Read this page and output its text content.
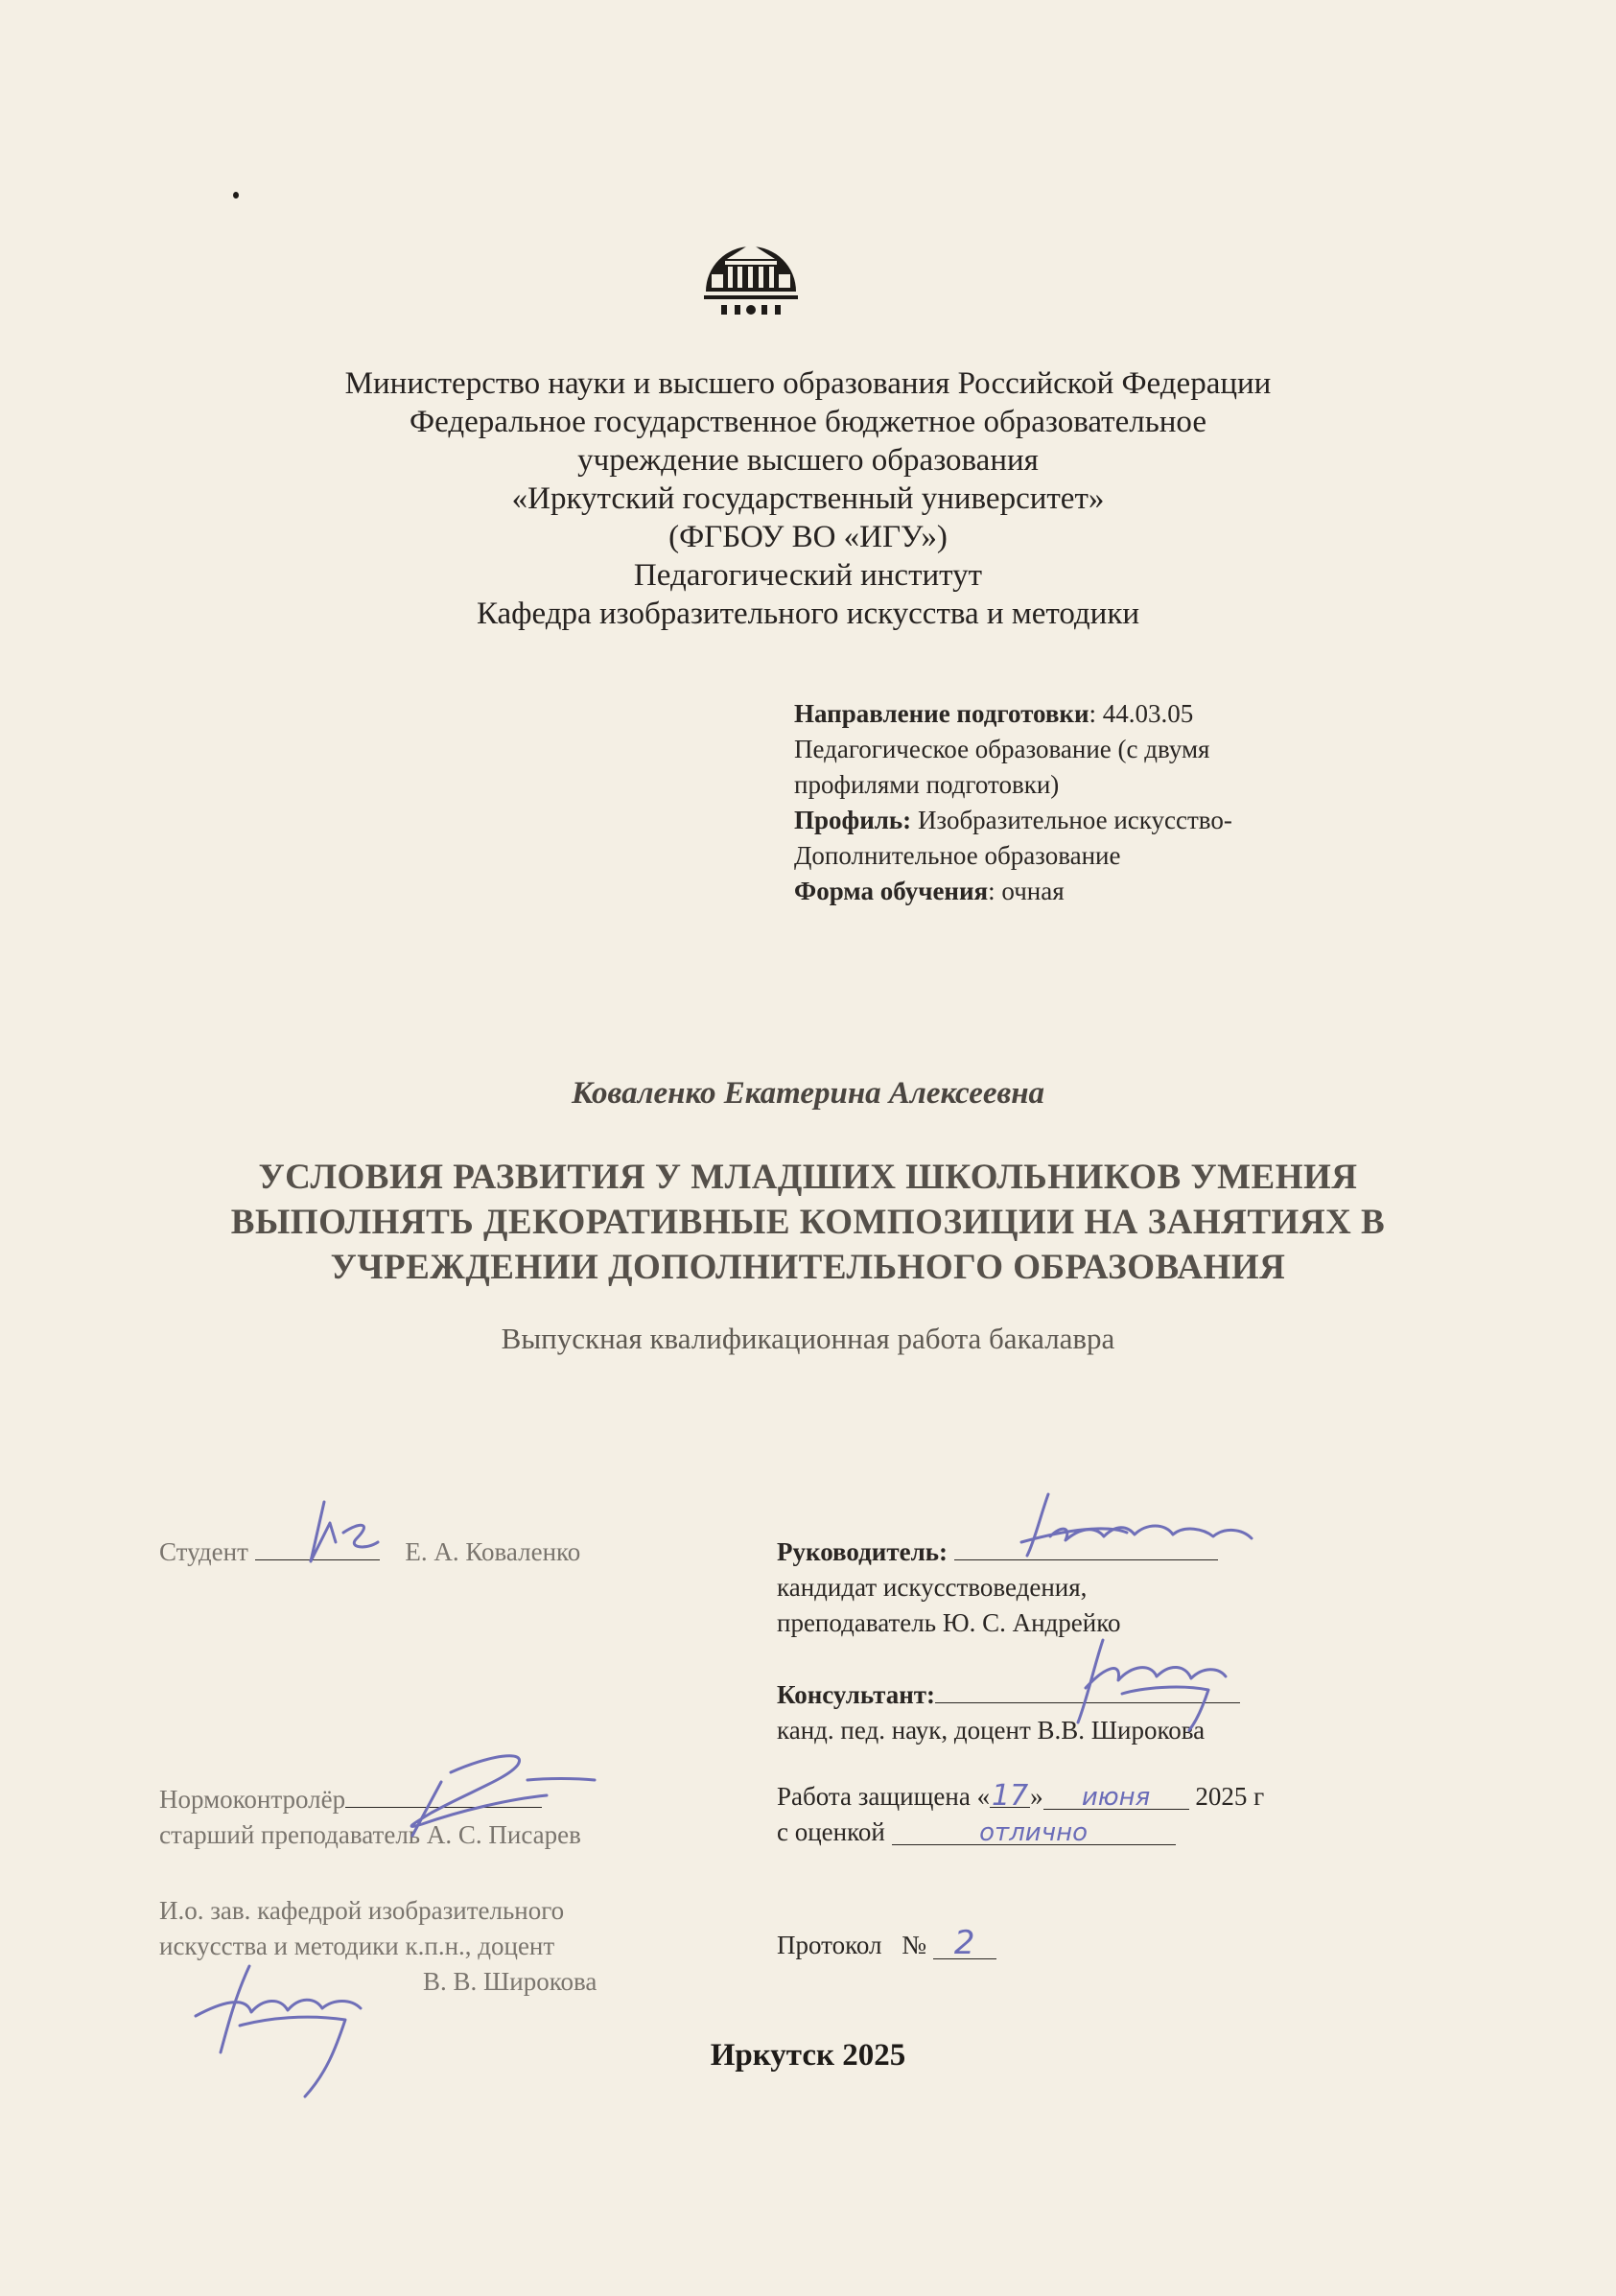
Министерство науки и высшего образования Российской Федерации
Федеральное государственное бюджетное образовательное
учреждение высшего образования
«Иркутский государственный университет»
(ФГБОУ ВО «ИГУ»)
Педагогический институт
Кафедра изобразительного искусства и методики
Направление подготовки: 44.03.05
Педагогическое образование (с двумя
профилями подготовки)
Профиль: Изобразительное искусство-
Дополнительное образование
Форма обучения: очная
Коваленко Екатерина Алексеевна
УСЛОВИЯ РАЗВИТИЯ У МЛАДШИХ ШКОЛЬНИКОВ УМЕНИЯ
ВЫПОЛНЯТЬ ДЕКОРАТИВНЫЕ КОМПОЗИЦИИ НА ЗАНЯТИЯХ В
УЧРЕЖДЕНИИ ДОПОЛНИТЕЛЬНОГО ОБРАЗОВАНИЯ
Выпускная квалификационная работа бакалавра
Студент	Е. А. Коваленко	Руководитель:
кандидат искусствоведения,
преподаватель Ю. С. Андрейко
Консультант:
канд. пед. наук, доцент В.В. Широкова
Нормоконтролёр
старший преподаватель А. С. Писарев
Работа защищена «17» июня 2025 г
с оценкой	отлично
И.о. зав. кафедрой изобразительного
искусства и методики к.п.н., доцент
В. В. Широкова
Протокол № 2
Иркутск 2025
